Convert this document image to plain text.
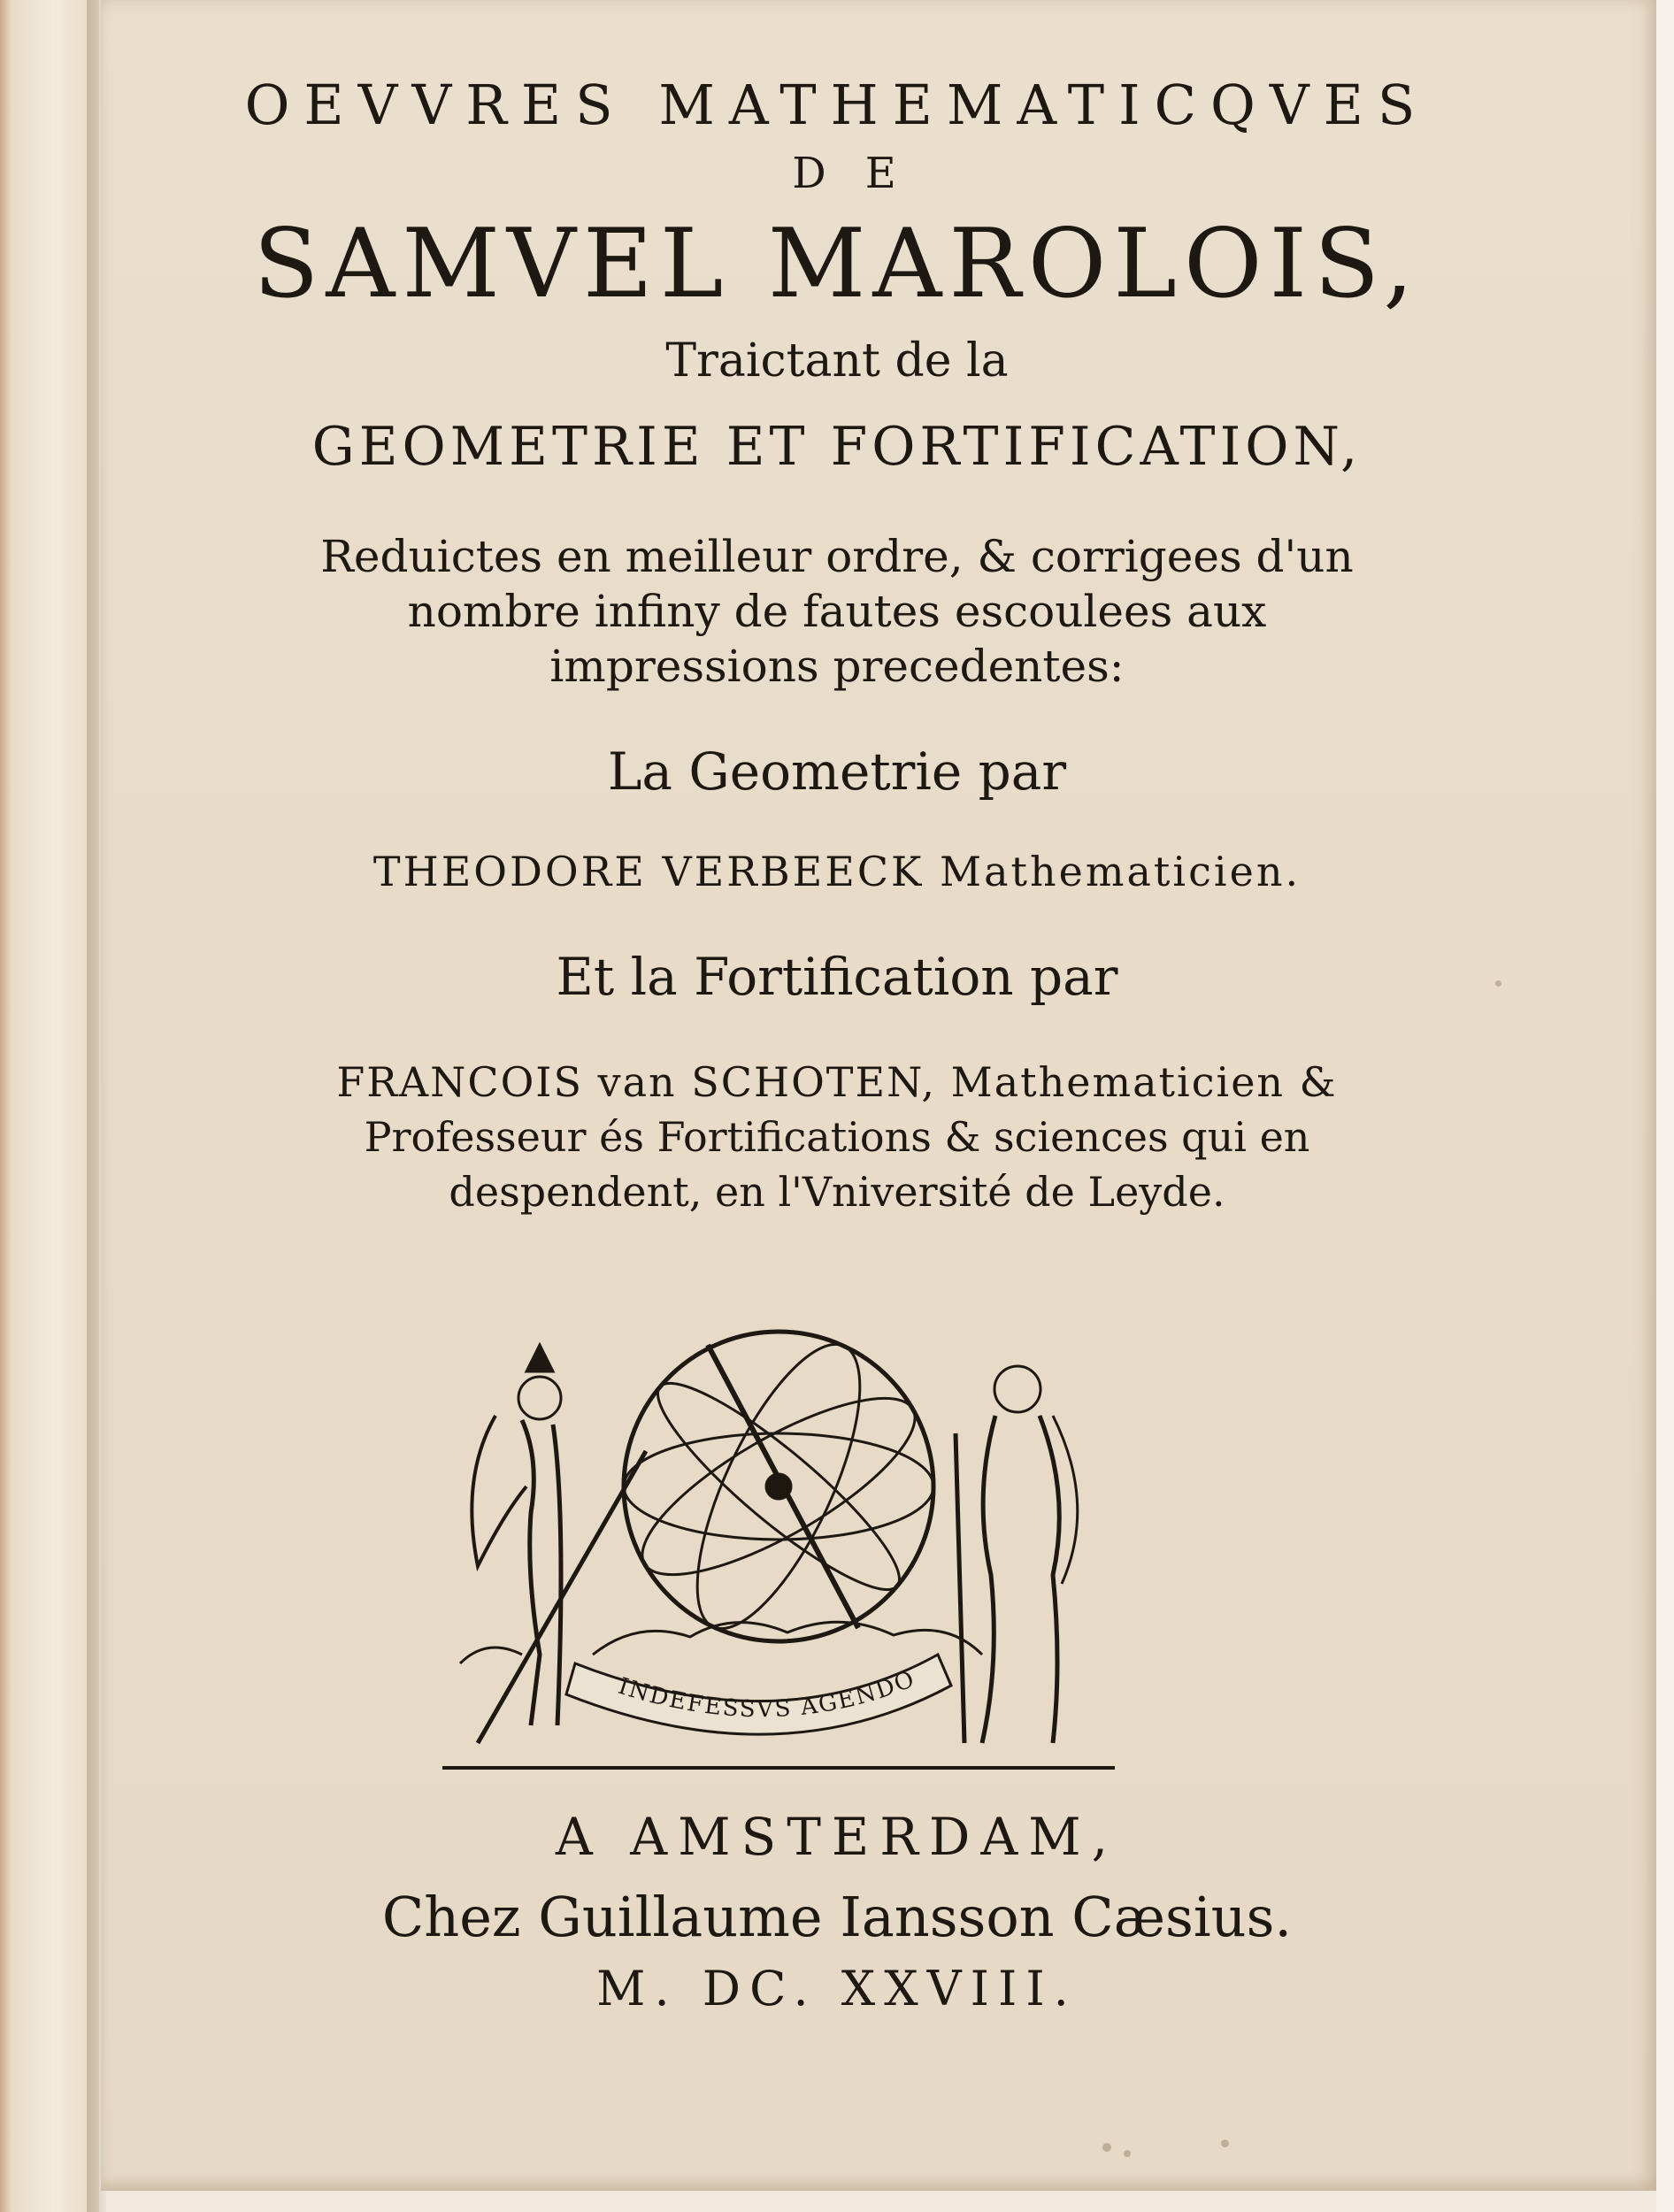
OEVVRES MATHEMATICQVES
DE
SAMVEL MAROLOIS,
Traictant de la
GEOMETRIE ET FORTIFICATION,
Reduictes en meilleur ordre, & corrigees d'un
nombre infiny de fautes escoulees aux
impressions precedentes:
La Geometrie par
THEODORE VERBEECK Mathematicien.
Et la Fortification par
FRANCOIS van SCHOTEN, Mathematicien &
Professeur és Fortifications & sciences qui en
despendent, en l'Vniversité de Leyde.
INDEFESSVS AGENDO
A AMSTERDAM,
Chez Guillaume Iansson Cæsius.
M. DC. XXVIII.
